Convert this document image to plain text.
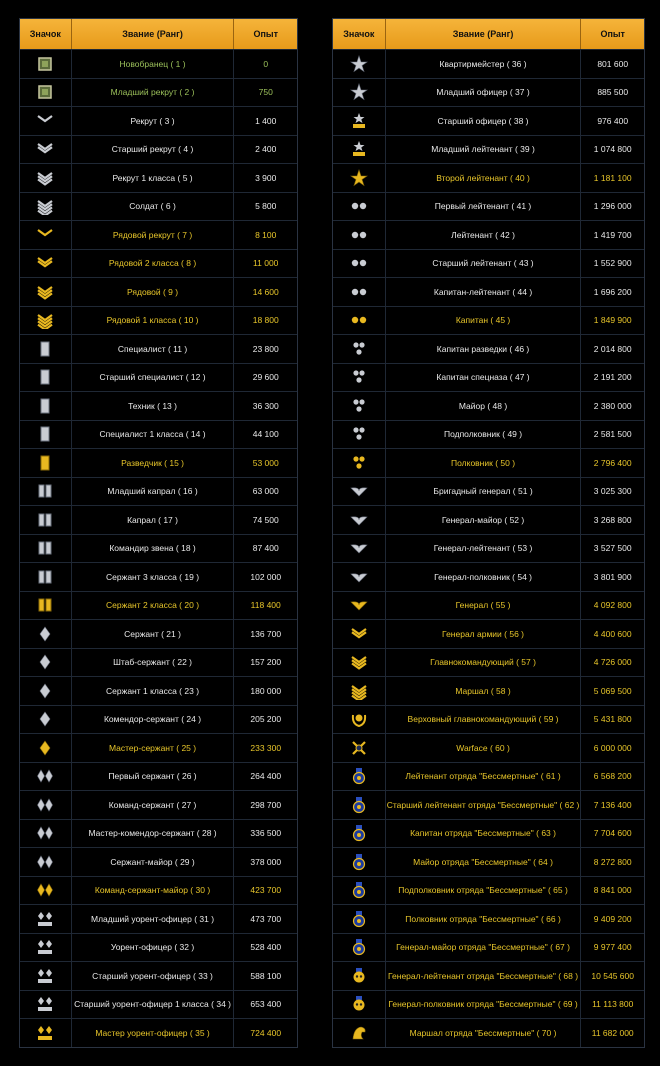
Значок	Звание (Ранг)	Опыт
Новобранец ( 1 )	0
Младший рекрут ( 2 )	750
Рекрут ( 3 )	1 400
Старший рекрут ( 4 )	2 400
Рекрут 1 класса ( 5 )	3 900
Солдат ( 6 )	5 800
Рядовой рекрут ( 7 )	8 100
Рядовой 2 класса ( 8 )	11 000
Рядовой ( 9 )	14 600
Рядовой 1 класса ( 10 )	18 800
Специалист ( 11 )	23 800
Старший специалист ( 12 )	29 600
Техник ( 13 )	36 300
Специалист 1 класса ( 14 )	44 100
Разведчик ( 15 )	53 000
Младший капрал ( 16 )	63 000
Капрал ( 17 )	74 500
Командир звена ( 18 )	87 400
Сержант 3 класса ( 19 )	102 000
Сержант 2 класса ( 20 )	118 400
Сержант ( 21 )	136 700
Штаб-сержант ( 22 )	157 200
Сержант 1 класса ( 23 )	180 000
Комендор-сержант ( 24 )	205 200
Мастер-сержант ( 25 )	233 300
Первый сержант ( 26 )	264 400
Команд-сержант ( 27 )	298 700
Мастер-комендор-сержант ( 28 )	336 500
Сержант-майор ( 29 )	378 000
Команд-сержант-майор ( 30 )	423 700
Младший уорент-офицер ( 31 )	473 700
Уорент-офицер ( 32 )	528 400
Старший уорент-офицер ( 33 )	588 100
Старший уорент-офицер 1 класса ( 34 )	653 400
Мастер уорент-офицер ( 35 )	724 400
Значок	Звание (Ранг)	Опыт
Квартирмейстер ( 36 )	801 600
Младший офицер ( 37 )	885 500
Старший офицер ( 38 )	976 400
Младший лейтенант ( 39 )	1 074 800
Второй лейтенант ( 40 )	1 181 100
Первый лейтенант ( 41 )	1 296 000
Лейтенант ( 42 )	1 419 700
Старший лейтенант ( 43 )	1 552 900
Капитан-лейтенант ( 44 )	1 696 200
Капитан ( 45 )	1 849 900
Капитан разведки ( 46 )	2 014 800
Капитан спецназа ( 47 )	2 191 200
Майор ( 48 )	2 380 000
Подполковник ( 49 )	2 581 500
Полковник ( 50 )	2 796 400
Бригадный генерал ( 51 )	3 025 300
Генерал-майор ( 52 )	3 268 800
Генерал-лейтенант ( 53 )	3 527 500
Генерал-полковник ( 54 )	3 801 900
Генерал ( 55 )	4 092 800
Генерал армии ( 56 )	4 400 600
Главнокомандующий ( 57 )	4 726 000
Маршал ( 58 )	5 069 500
Верховный главнокомандующий ( 59 )	5 431 800
Warface ( 60 )	6 000 000
Лейтенант отряда "Бессмертные" ( 61 )	6 568 200
Старший лейтенант отряда "Бессмертные" ( 62 )	7 136 400
Капитан отряда "Бессмертные" ( 63 )	7 704 600
Майор отряда "Бессмертные" ( 64 )	8 272 800
Подполковник отряда "Бессмертные" ( 65 )	8 841 000
Полковник отряда "Бессмертные" ( 66 )	9 409 200
Генерал-майор отряда "Бессмертные" ( 67 )	9 977 400
Генерал-лейтенант отряда "Бессмертные" ( 68 )	10 545 600
Генерал-полковник отряда "Бессмертные" ( 69 )	11 113 800
Маршал отряда "Бессмертные" ( 70 )	11 682 000
